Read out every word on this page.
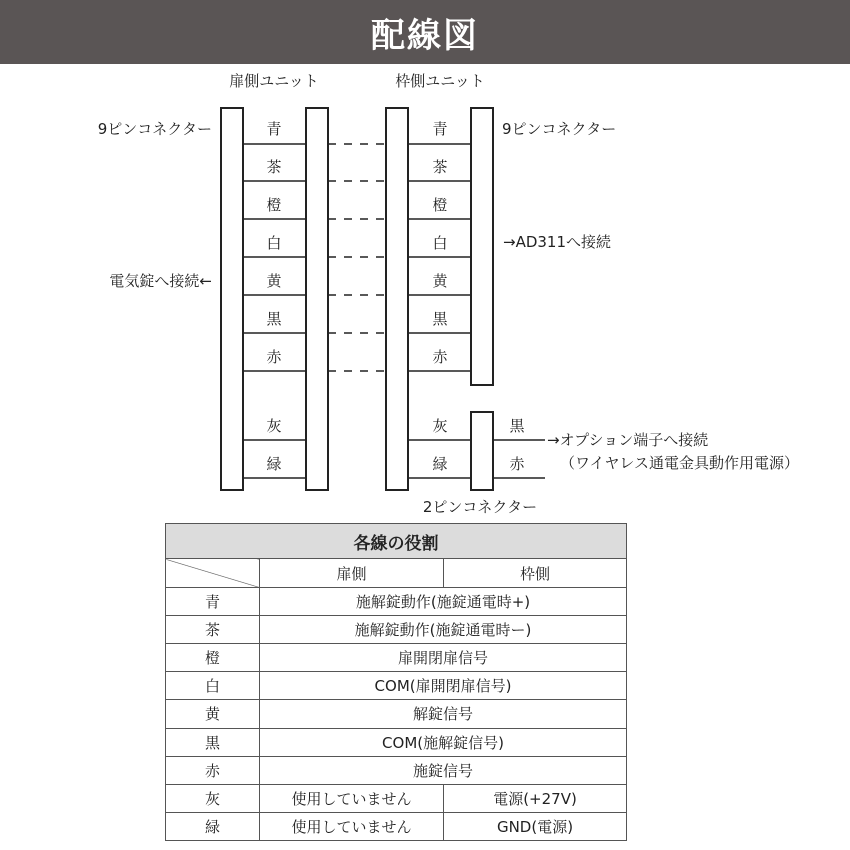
配線図
扉側ユニット	枠側ユニット
9ピンコネクター	9ピンコネクター
電気錠へ接続←
→AD311へ接続
→オプション端子へ接続
（ワイヤレス通電金具動作用電源）
2ピンコネクター
青
茶
橙
白
黄
黒
赤
灰
緑
青
茶
橙
白
黄
黒
赤
灰
緑
黒
赤
各線の役割		
	扉側	枠側
青	施解錠動作(施錠通電時+)	
茶	施解錠動作(施錠通電時ー)	
橙	扉開閉扉信号	
白	COM(扉開閉扉信号)	
黄	解錠信号	
黒	COM(施解錠信号)	
赤	施錠信号	
灰	使用していません	電源(+27V)
緑	使用していません	GND(電源)
